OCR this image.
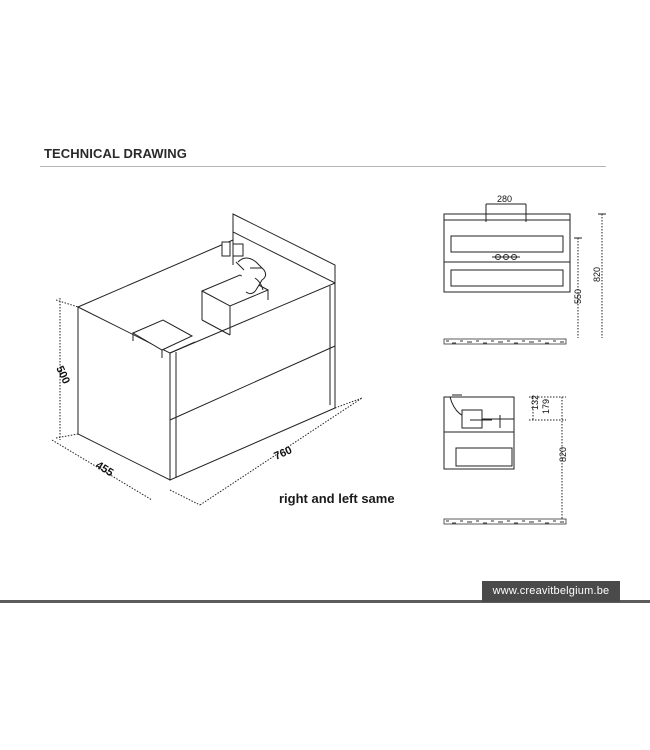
TECHNICAL DRAWING
500
455
760
280
550
820
132 179
820
right and left same
www.creavitbelgium.be
